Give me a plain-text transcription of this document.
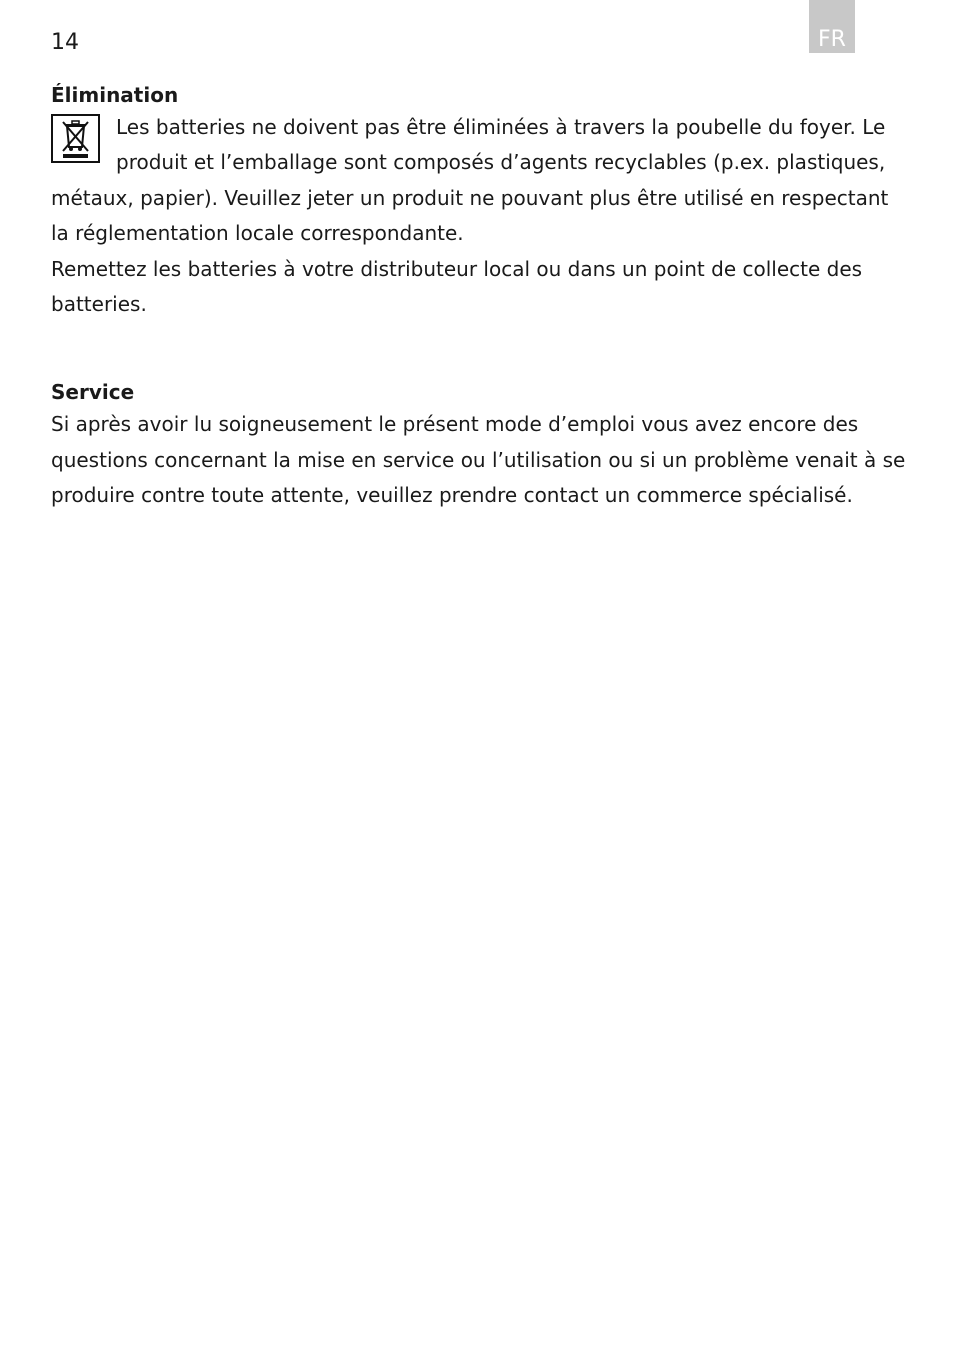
14	FR
Élimination

Les batteries ne doivent pas être éliminées à travers la poubelle du foyer. Le produit et l’emballage sont composés d’agents recyclables (p.ex. plastiques, métaux, papier). Veuillez jeter un produit ne pouvant plus être utilisé en respectant la réglementation locale correspondante.

Remettez les batteries à votre distributeur local ou dans un point de collecte des batteries.

Service

Si après avoir lu soigneusement le présent mode d’emploi vous avez encore des questions concernant la mise en service ou l’utilisation ou si un problème venait à se produire contre toute attente, veuillez prendre contact un commerce spécialisé.
